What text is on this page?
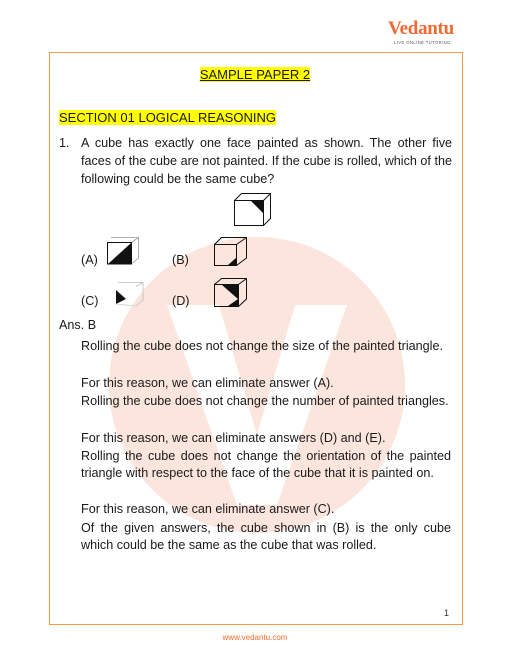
Vedantu
LIVE ONLINE TUTORING
SAMPLE PAPER 2
SECTION 01 LOGICAL REASONING
1. A cube has exactly one face painted as shown. The other five faces of the cube are not painted. If the cube is rolled, which of the following could be the same cube?
(A)	(B)
(C)	(D)
Ans. B
Rolling the cube does not change the size of the painted triangle.
For this reason, we can eliminate answer (A).
Rolling the cube does not change the number of painted triangles.
For this reason, we can eliminate answers (D) and (E).
Rolling the cube does not change the orientation of the painted triangle with respect to the face of the cube that it is painted on.
For this reason, we can eliminate answer (C).
Of the given answers, the cube shown in (B) is the only cube which could be the same as the cube that was rolled.
1
www.vedantu.com
